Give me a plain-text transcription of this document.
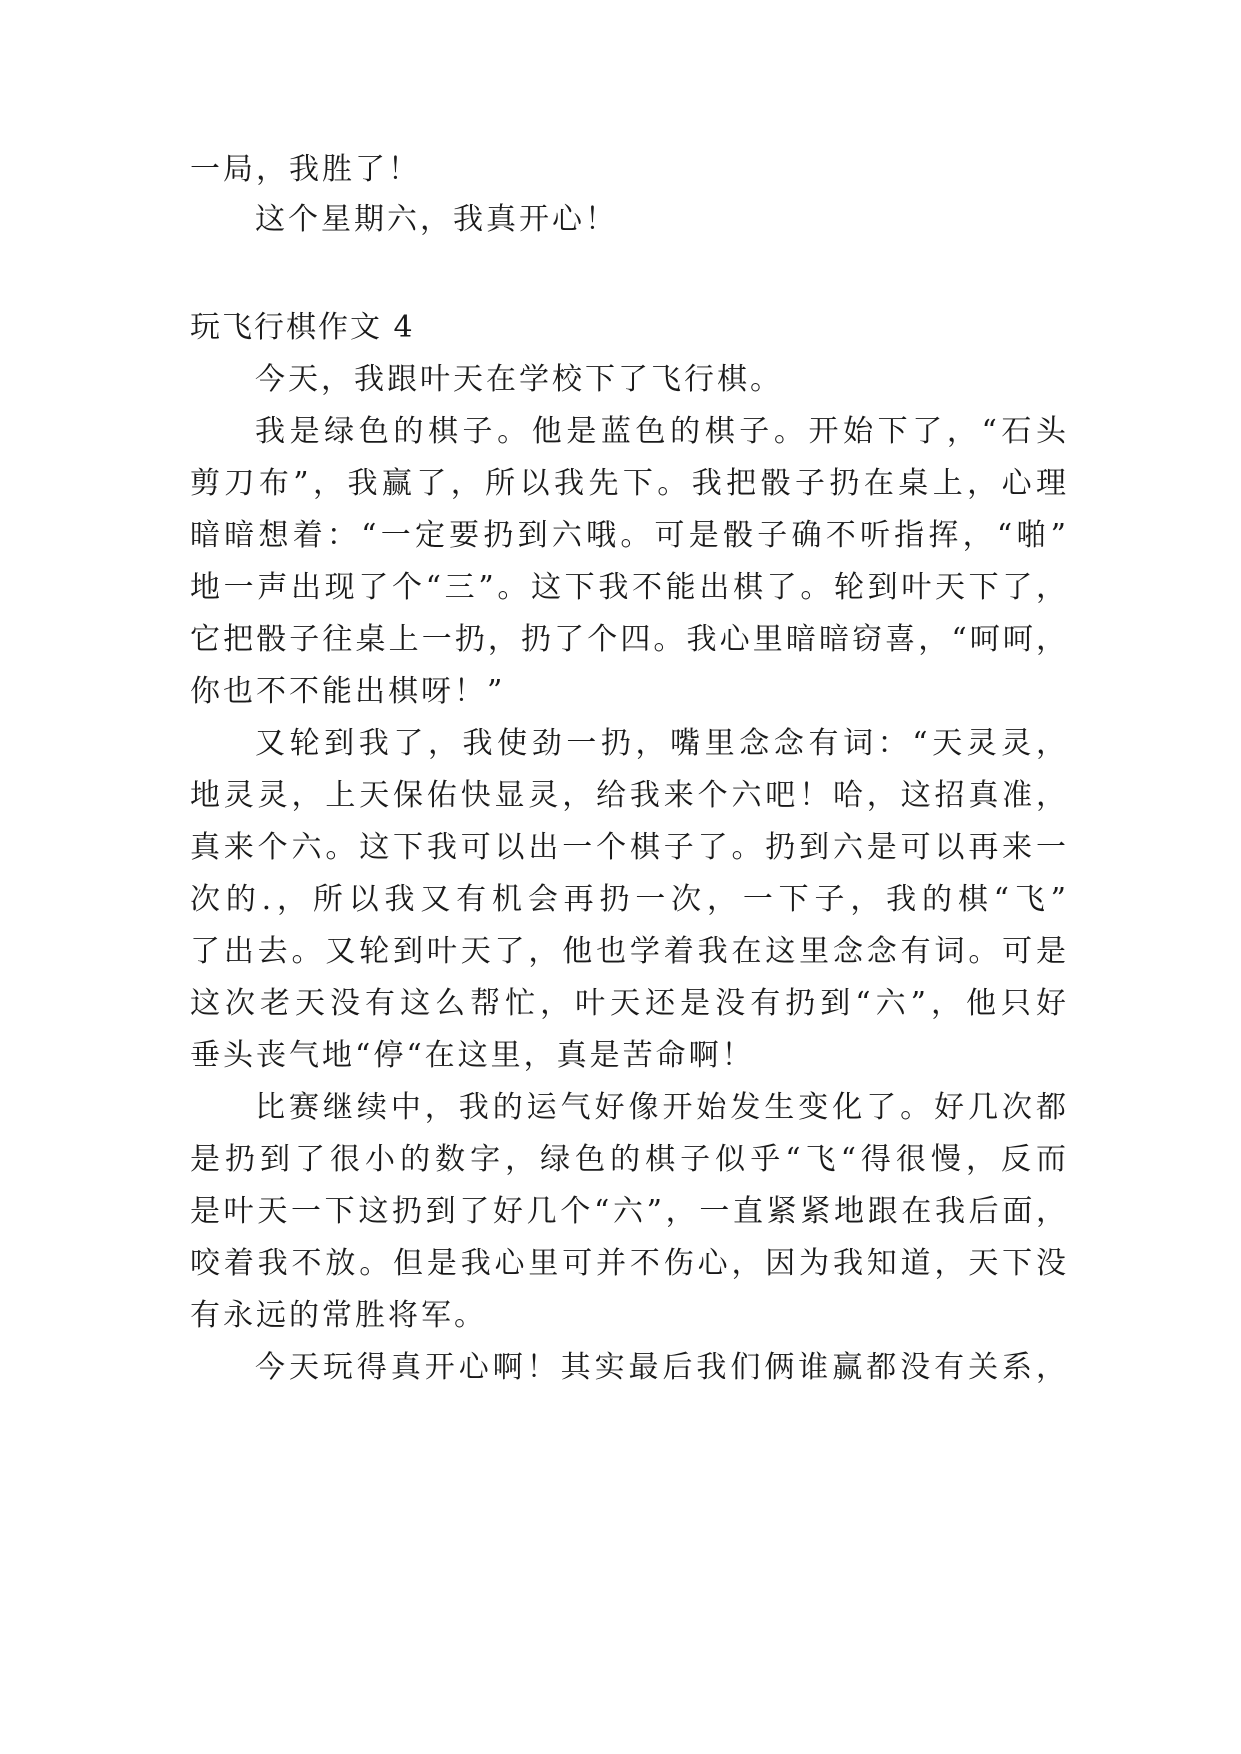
一局，我胜了！
这个星期六，我真开心！
玩飞行棋作文 4
今天，我跟叶天在学校下了飞行棋。
我是绿色的棋子。他是蓝色的棋子。开始下了，“石头
剪刀布”，我赢了，所以我先下。我把骰子扔在桌上，心理
暗暗想着：“一定要扔到六哦。可是骰子确不听指挥，“啪”
地一声出现了个“三”。这下我不能出棋了。轮到叶天下了，
它把骰子往桌上一扔，扔了个四。我心里暗暗窃喜，“呵呵，
你也不不能出棋呀！”
又轮到我了，我使劲一扔，嘴里念念有词：“天灵灵，
地灵灵，上天保佑快显灵，给我来个六吧！哈，这招真准，
真来个六。这下我可以出一个棋子了。扔到六是可以再来一
次的.，所以我又有机会再扔一次，一下子，我的棋“飞”
了出去。又轮到叶天了，他也学着我在这里念念有词。可是
这次老天没有这么帮忙，叶天还是没有扔到“六”，他只好
垂头丧气地“停“在这里，真是苦命啊！
比赛继续中，我的运气好像开始发生变化了。好几次都
是扔到了很小的数字，绿色的棋子似乎“飞“得很慢，反而
是叶天一下这扔到了好几个“六”，一直紧紧地跟在我后面，
咬着我不放。但是我心里可并不伤心，因为我知道，天下没
有永远的常胜将军。
今天玩得真开心啊！其实最后我们俩谁赢都没有关系，
